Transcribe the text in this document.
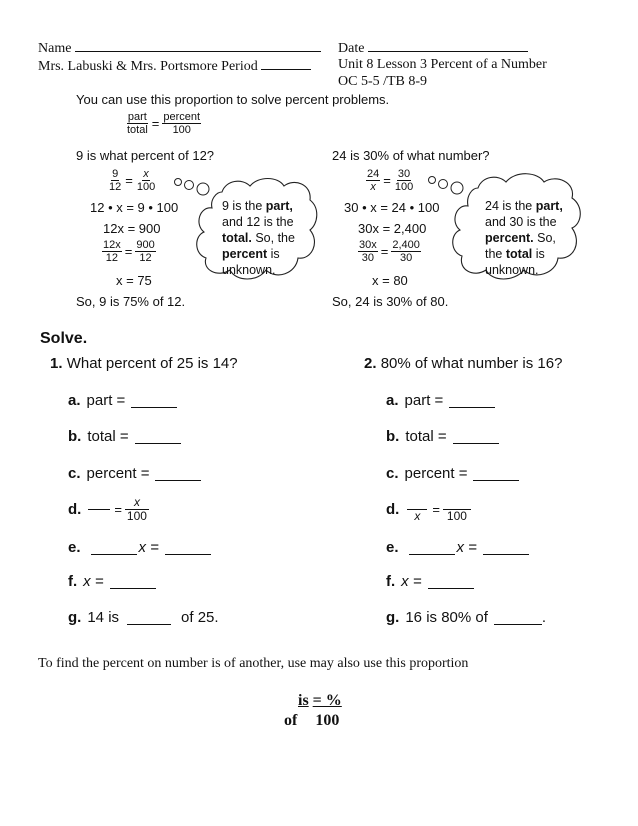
Name
Mrs. Labuski & Mrs. Portsmore Period
Date
Unit 8 Lesson 3 Percent of a Number
OC 5-5 /TB 8-9
You can use this proportion to solve percent problems.
$\frac{\text{part}}{\text{total}} = \frac{\text{percent}}{100}$
9 is what percent of 12?
$\frac{9}{12} = \frac{x}{100}$
12 • x = 9 • 100
12x = 900
$\frac{12x}{12} = \frac{900}{12}$
x = 75
So, 9 is 75% of 12.
9 is the part,
and 12 is the
total. So, the
percent is
unknown.
24 is 30% of what number?
$\frac{24}{x} = \frac{30}{100}$
30 • x = 24 • 100
30x = 2,400
$\frac{30x}{30} = \frac{2,400}{30}$
x = 80
So, 24 is 30% of 80.
24 is the part,
and 30 is the
percent. So,
the total is
unknown.
Solve.
1. What percent of 25 is 14?
a. part =
b. total =
c. percent =
d.	= $\frac{x}{100}$
e.	x =
f. x =
g. 14 is	of 25.
2. 80% of what number is 16?
a. part =
b. total =
c. percent =
d.	x = 100
e.	x =
f. x =
g. 16 is 80% of	.
To find the percent on number is of another, use may also use this proportion
is = %
of 100
